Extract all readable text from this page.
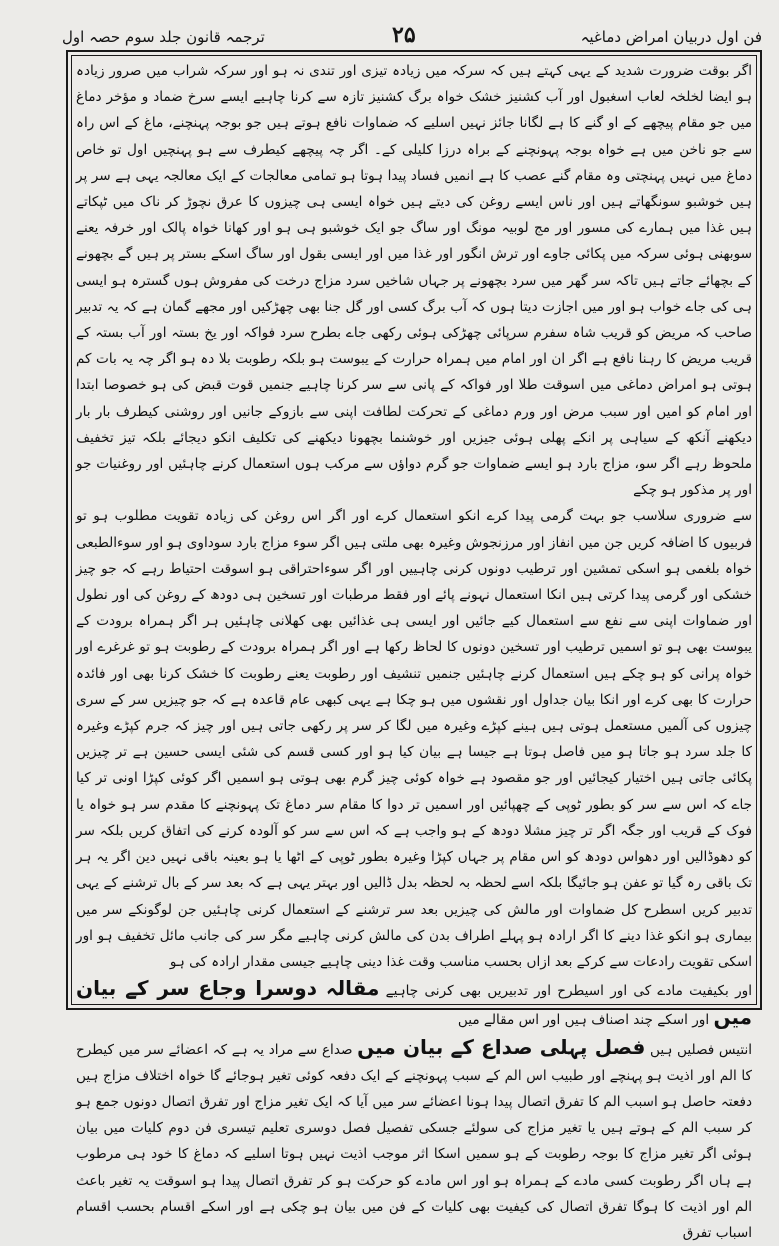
فن اول دربیان امراض دماغیہ
۲۵
ترجمہ قانون جلد سوم حصہ اول

اگر بوقت ضرورت شدید کے یہی کہتے ہیں کہ سرکہ میں زیادہ تیزی اور تندی نہ ہو اور سرکہ شراب میں صرور زیادہ ہو ایضا لخلخہ لعاب اسغبول اور آب کشنیز خشک خواہ برگ کشنیز تازہ سے کرنا چاہیے ایسے سرخ ضماد و مؤخر دماغ میں جو مقام پیچھے کے او گنے کا ہے لگانا جائز نہیں اسلیے کہ ضماوات نافع ہوتے ہیں جو بوجہ پہنچنے، ماغ کے اس راہ سے جو ناخن میں ہے خواہ بوجہ پہونچنے کے براہ درزا کلیلی کے۔ اگر چہ پیچھے کیطرف سے ہو پہنچیں اول تو خاص دماغ میں نہیں پہنچتی وہ مقام گنے عصب کا ہے انمیں فساد پیدا ہوتا ہو تمامی معالجات کے ایک معالجہ یہی ہے سر پر ہیں خوشبو سونگھاتے ہیں اور ناس ایسے روغن کی دیتے ہیں خواہ ایسی ہی چیزوں کا عرق نچوڑ کر ناک میں ٹپکاتے ہیں غذا میں ہمارے کی مسور اور مج لوبیہ مونگ اور ساگ جو ایک خوشبو ہی ہو اور کھانا خواہ پالک اور خرفہ یعنے سوبھنی ہوئی سرکہ میں پکائی جاوے اور ترش انگور اور غذا میں اور ایسی بقول اور ساگ اسکے بستر پر ہیں گے بچھونے کے بچھائے جاتے ہیں تاکہ سر گھر میں سرد بچھونے پر جہاں شاخیں سرد مزاج درخت کی مفروش ہوں گسترہ ہو ایسی ہی کی جاے خواب ہو اور میں اجازت دیتا ہوں کہ آب برگ کسی اور گل جنا بھی چھڑکیں اور مجھے گمان ہے کہ یہ تدبیر صاحب کہ مریض کو قریب شاہ سفرم سرپائی چھڑکی ہوئی رکھی جاے بطرح سرد فواکہ اور یخ بستہ اور آب بستہ کے قریب مریض کا رہنا نافع ہے اگر ان اور امام میں ہمراہ حرارت کے یبوست ہو بلکہ رطوبت بلا دہ ہو اگر چہ یہ بات کم ہوتی ہو امراض دماغی میں اسوقت طلا اور فواکہ کے پانی سے سر کرنا چاہیے جنمیں قوت قبض کی ہو خصوصا ابتدا اور امام کو امیں اور سبب مرض اور ورم دماغی کے تحرکت لطافت اپنی سے بازوکے جانیں اور روشنی کیطرف بار بار دیکھنے آنکھ کے سیاہی پر انکے پھلی ہوئی جیزیں اور خوشنما بچھونا دیکھنے کی تکلیف انکو دیجائے بلکہ تیز تخفیف ملحوظ رہے اگر سو، مزاج بارد ہو ایسے ضماوات جو گرم دواؤں سے مرکب ہوں استعمال کرنے چاہئیں اور روغنیات جو اور پر مذکور ہو چکے

سے ضروری سلاسب جو بہت گرمی پیدا کرے انکو استعمال کرے اور اگر اس روغن کی زیادہ تقویت مطلوب ہو تو فربیوں کا اضافہ کریں جن میں انفاز اور مرزنجوش وغیرہ بھی ملتی ہیں اگر سوء مزاج بارد سوداوی ہو اور سوءالطبعی خواہ بلغمی ہو اسکی تمشین اور ترطیب دونوں کرنی چاہییں اور اگر سوءاحتراقی ہو اسوقت احتیاط رہے کہ جو چیز خشکی اور گرمی پیدا کرتی ہیں انکا استعمال نہونے پائے اور فقط مرطبات اور تسخین ہی دودھ کے روغن کی اور نطول اور ضماوات اپنی سے نفع سے استعمال کیے جائیں اور ایسی ہی غذائیں بھی کھلانی چاہئیں ہر اگر ہمراہ برودت کے یبوست بھی ہو تو اسمیں ترطیب اور تسخین دونوں کا لحاظ رکھا ہے اور اگر ہمراہ برودت کے رطوبت ہو تو غرغرے اور خواہ پرانی کو ہو چکے ہیں استعمال کرنے چاہئیں جنمیں تنشیف اور رطوبت یعنے رطوبت کا خشک کرنا بھی اور فائدہ حرارت کا بھی کرے اور انکا بیان جداول اور نقشوں میں ہو چکا ہے یہی کبھی عام قاعدہ ہے کہ جو چیزیں سر کے سری چیزوں کی آلمیں مستعمل ہوتی ہیں ہینے کپڑے وغیرہ میں لگا کر سر پر رکھی جاتی ہیں اور چیز کہ جرم کپڑے وغیرہ کا جلد سرد ہو جاتا ہو میں فاصل ہوتا ہے جیسا ہے بیان کیا ہو اور کسی قسم کی شئی ایسی حسین ہے تر چیزیں پکائی جاتی ہیں اختیار کیجائیں اور جو مقصود ہے خواہ کوئی چیز گرم بھی ہوتی ہو اسمیں اگر کوئی کپڑا اونی تر کیا جاے کہ اس سے سر کو بطور ٹوپی کے چھپائیں اور اسمیں تر دوا کا مقام سر دماغ تک پہونچنے کا مقدم سر ہو خواہ یا فوک کے قریب اور جگہ اگر تر چیز مشلا دودھ کے ہو واجب ہے کہ اس سے سر کو آلودہ کرنے کی اتفاق کریں بلکہ سر کو دھوڈالیں اور دھواس دودھ کو اس مقام پر جہاں کپڑا وغیرہ بطور ٹوپی کے اٹھا یا ہو بعینہ باقی نہیں دین اگر یہ ہر تک باقی رہ گیا تو عفن ہو جائیگا بلکہ اسے لحظہ بہ لحظہ بدل ڈالیں اور بہتر یہی ہے کہ بعد سر کے بال ترشنے کے یہی تدبیر کریں اسطرح کل ضماوات اور مالش کی چیزیں بعد سر ترشنے کے استعمال کرنی چاہئیں جن لوگونکے سر میں بیماری ہو انکو غذا دینے کا اگر ارادہ ہو پہلے اطراف بدن کی مالش کرنی چاہیے مگر سر کی جانب مائل تخفیف ہو اور اسکی تقویت رادعات سے کرکے بعد ازاں بحسب مناسب وقت غذا دینی چاہیے جیسی مقدار ارادہ کی ہو

اور بکیفیت مادے کی اور اسیطرح اور تدبیریں بھی کرنی چاہیے مقالہ دوسرا وجاع سر کے بیان میں اور اسکے چند اصناف ہیں اور اس مقالے میں

انتیس فصلیں ہیں فصل پہلی صداع کے بیان میں صداع سے مراد یہ ہے کہ اعضائے سر میں کیطرح کا الم اور اذیت ہو پہنچے اور طبیب اس الم کے سبب پہونچنے کے ایک دفعہ کوئی تغیر ہوجائے گا خواہ اختلاف مزاج ہیں دفعتہ حاصل ہو اسبب الم کا تفرق اتصال پیدا ہونا اعضائے سر میں آیا کہ ایک تغیر مزاج اور تفرق اتصال دونوں جمع ہو کر سبب الم کے ہوتے ہیں یا تغیر مزاج کی سولئے جسکی تفصیل فصل دوسری تعلیم تیسری فن دوم کلیات میں بیان ہوئی اگر تغیر مزاج کا بوجہ رطوبت کے ہو سمیں اسکا اثر موجب اذیت نہیں ہوتا اسلیے کہ دماغ کا خود ہی مرطوب ہے ہاں اگر رطوبت کسی مادے کے ہمراہ ہو اور اس مادے کو حرکت ہو کر تفرق اتصال پیدا ہو اسوقت یہ تغیر باعث الم اور اذیت کا ہوگا تفرق اتصال کی کیفیت بھی کلیات کے فن میں بیان ہو چکی ہے اور اسکے اقسام بحسب اقسام اسباب تفرق
